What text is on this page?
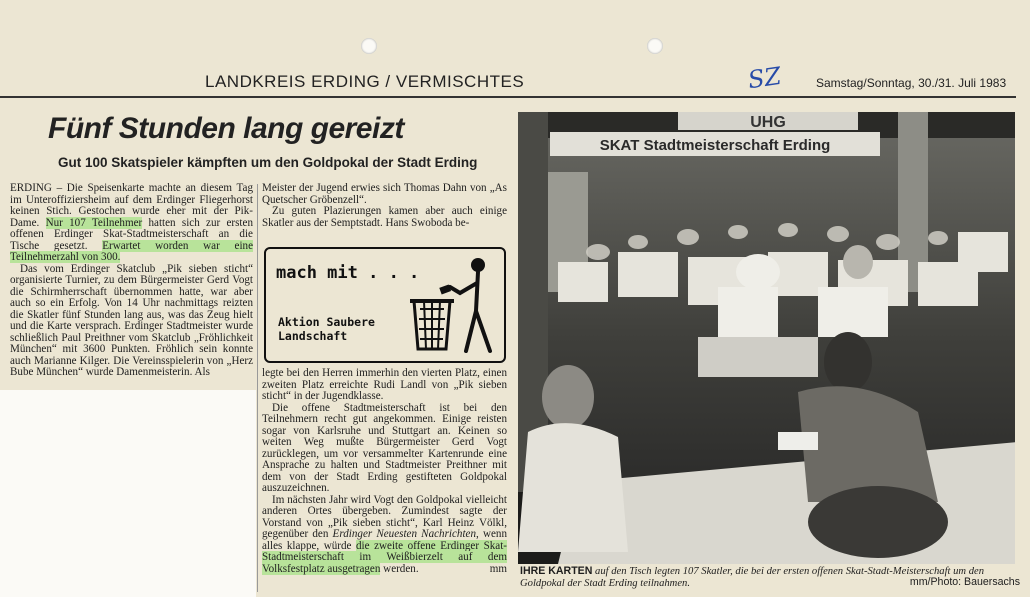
LANDKREIS ERDING / VERMISCHTES	SZ	Samstag/Sonntag, 30./31. Juli 1983
Fünf Stunden lang gereizt
Gut 100 Skatspieler kämpften um den Goldpokal der Stadt Erding

ERDING – Die Speisenkarte machte an diesem Tag im Unteroffiziersheim auf dem Erdinger Fliegerhorst keinen Stich. Gestochen wurde eher mit der Pik-Dame. Nur 107 Teilnehmer hatten sich zur ersten offenen Erdinger Skat-Stadtmeisterschaft an die Tische gesetzt. Erwartet worden war eine Teilnehmerzahl von 300.

Das vom Erdinger Skatclub „Pik sieben sticht“ organisierte Turnier, zu dem Bürgermeister Gerd Vogt die Schirmherrschaft übernommen hatte, war aber auch so ein Erfolg. Von 14 Uhr nachmittags reizten die Skatler fünf Stunden lang aus, was das Zeug hielt und die Karte versprach. Erdinger Stadtmeister wurde schließlich Paul Preithner vom Skatclub „Fröhlichkeit München“ mit 3600 Punkten. Fröhlich sein konnte auch Marianne Kilger. Die Vereinsspielerin von „Herz Bube München“ wurde Damenmeisterin. Als

Meister der Jugend erwies sich Thomas Dahn von „As Quetscher Gröbenzell“.

Zu guten Plazierungen kamen aber auch einige Skatler aus der Semptstadt. Hans Swoboda be-

mach mit . . .
Aktion Saubere
Landschaft

legte bei den Herren immerhin den vierten Platz, einen zweiten Platz erreichte Rudi Landl von „Pik sieben sticht“ in der Jugendklasse.

Die offene Stadtmeisterschaft ist bei den Teilnehmern recht gut angekommen. Einige reisten sogar von Karlsruhe und Stuttgart an. Keinen so weiten Weg mußte Bürgermeister Gerd Vogt zurücklegen, um vor versammelter Kartenrunde eine Ansprache zu halten und Stadtmeister Preithner mit dem von der Stadt Erding gestifteten Goldpokal auszuzeichnen.

Im nächsten Jahr wird Vogt den Goldpokal vielleicht anderen Ortes übergeben. Zumindest sagte der Vorstand von „Pik sieben sticht“, Karl Heinz Völkl, gegenüber den Erdinger Neuesten Nachrichten, wenn alles klappe, würde die zweite offene Erdinger Skat-Stadtmeisterschaft im Weißbierzelt auf dem Volksfestplatz ausgetragen werden.	mm

UHG
SKAT Stadtmeisterschaft Erding
IHRE KARTEN auf den Tisch legten 107 Skatler, die bei der ersten offenen Skat-Stadt-Meisterschaft um den Goldpokal der Stadt Erding teilnahmen.	mm/Photo: Bauersachs
